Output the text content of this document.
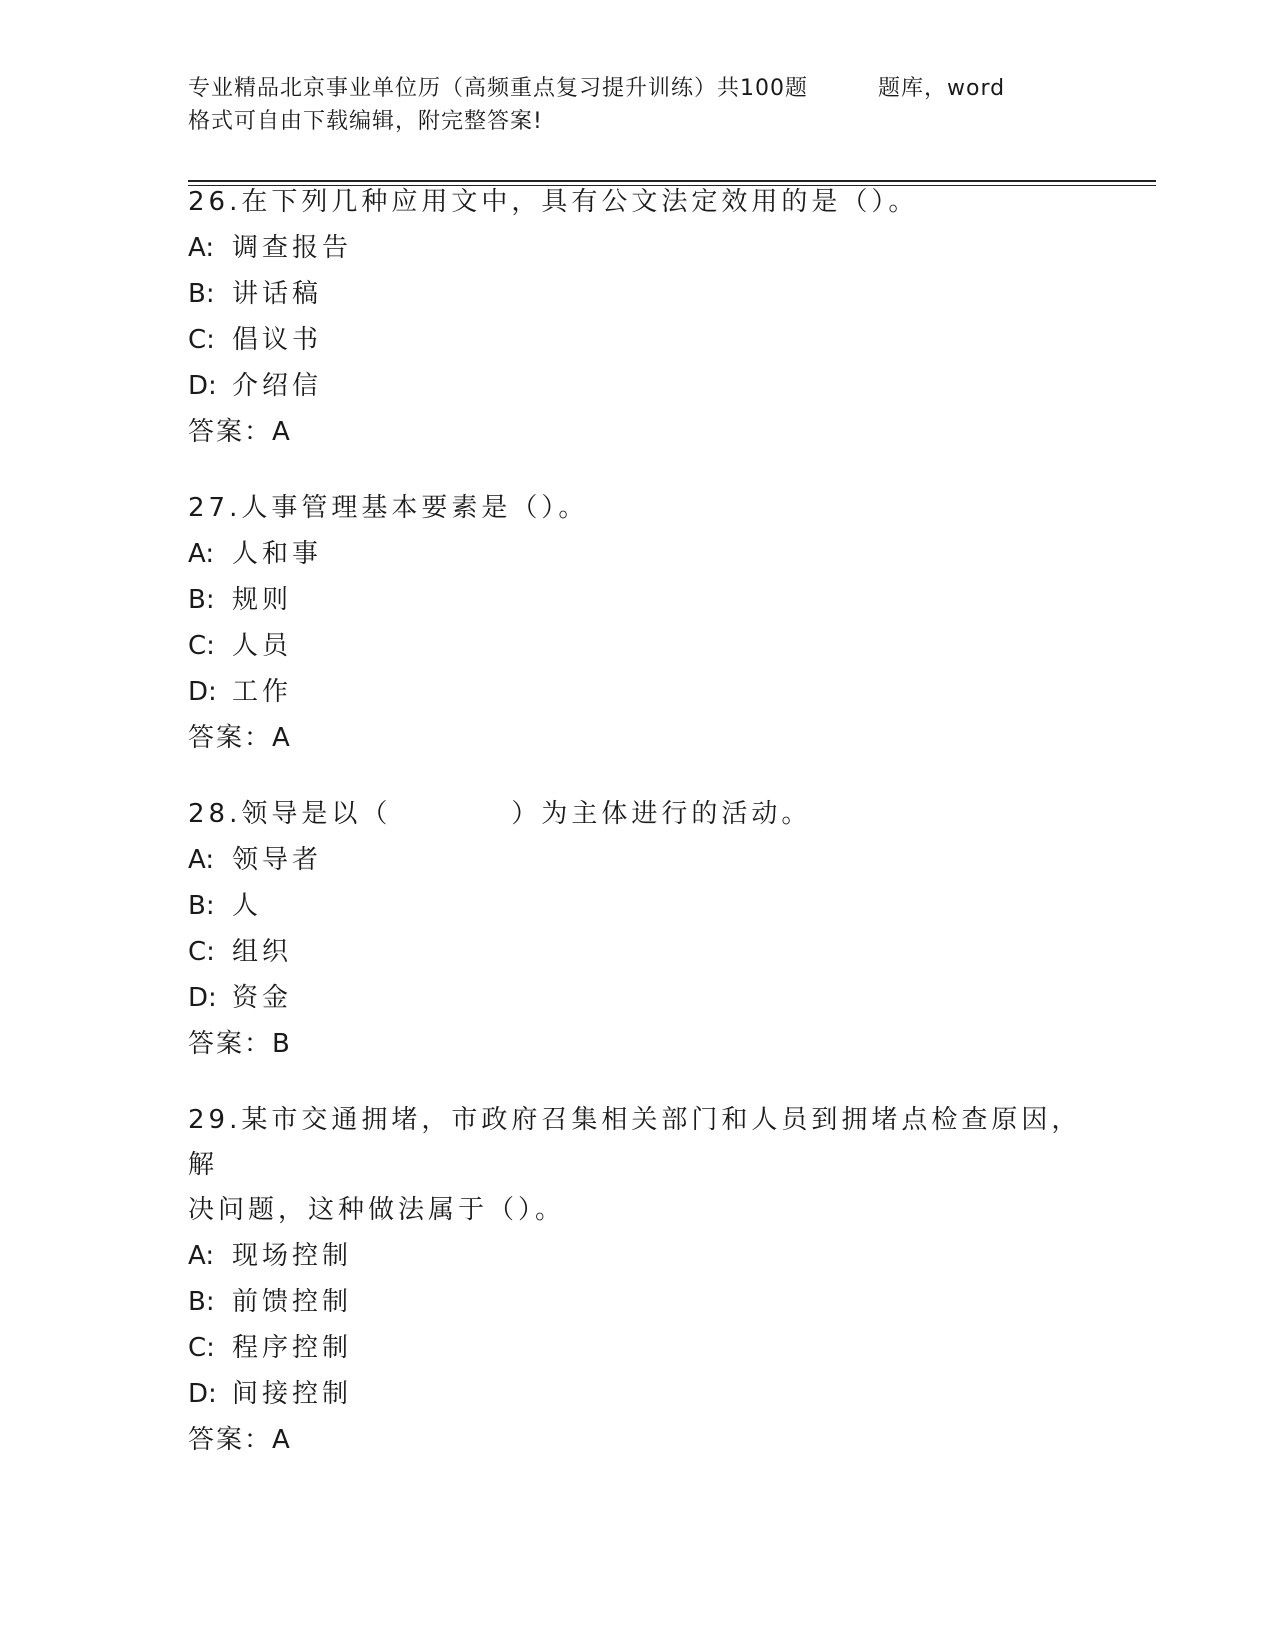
专业精品北京事业单位历（高频重点复习提升训练）共100题	题库，word
格式可自由下载编辑，附完整答案!
26.在下列几种应用文中，具有公文法定效用的是（）。
A: 调查报告
B: 讲话稿
C: 倡议书
D: 介绍信
答案：A
27.人事管理基本要素是（）。
A: 人和事
B: 规则
C: 人员
D: 工作
答案：A
28.领导是以（	）为主体进行的活动。
A: 领导者
B: 人
C: 组织
D: 资金
答案：B
29.某市交通拥堵，市政府召集相关部门和人员到拥堵点检查原因，解
决问题，这种做法属于（）。
A: 现场控制
B: 前馈控制
C: 程序控制
D: 间接控制
答案：A
